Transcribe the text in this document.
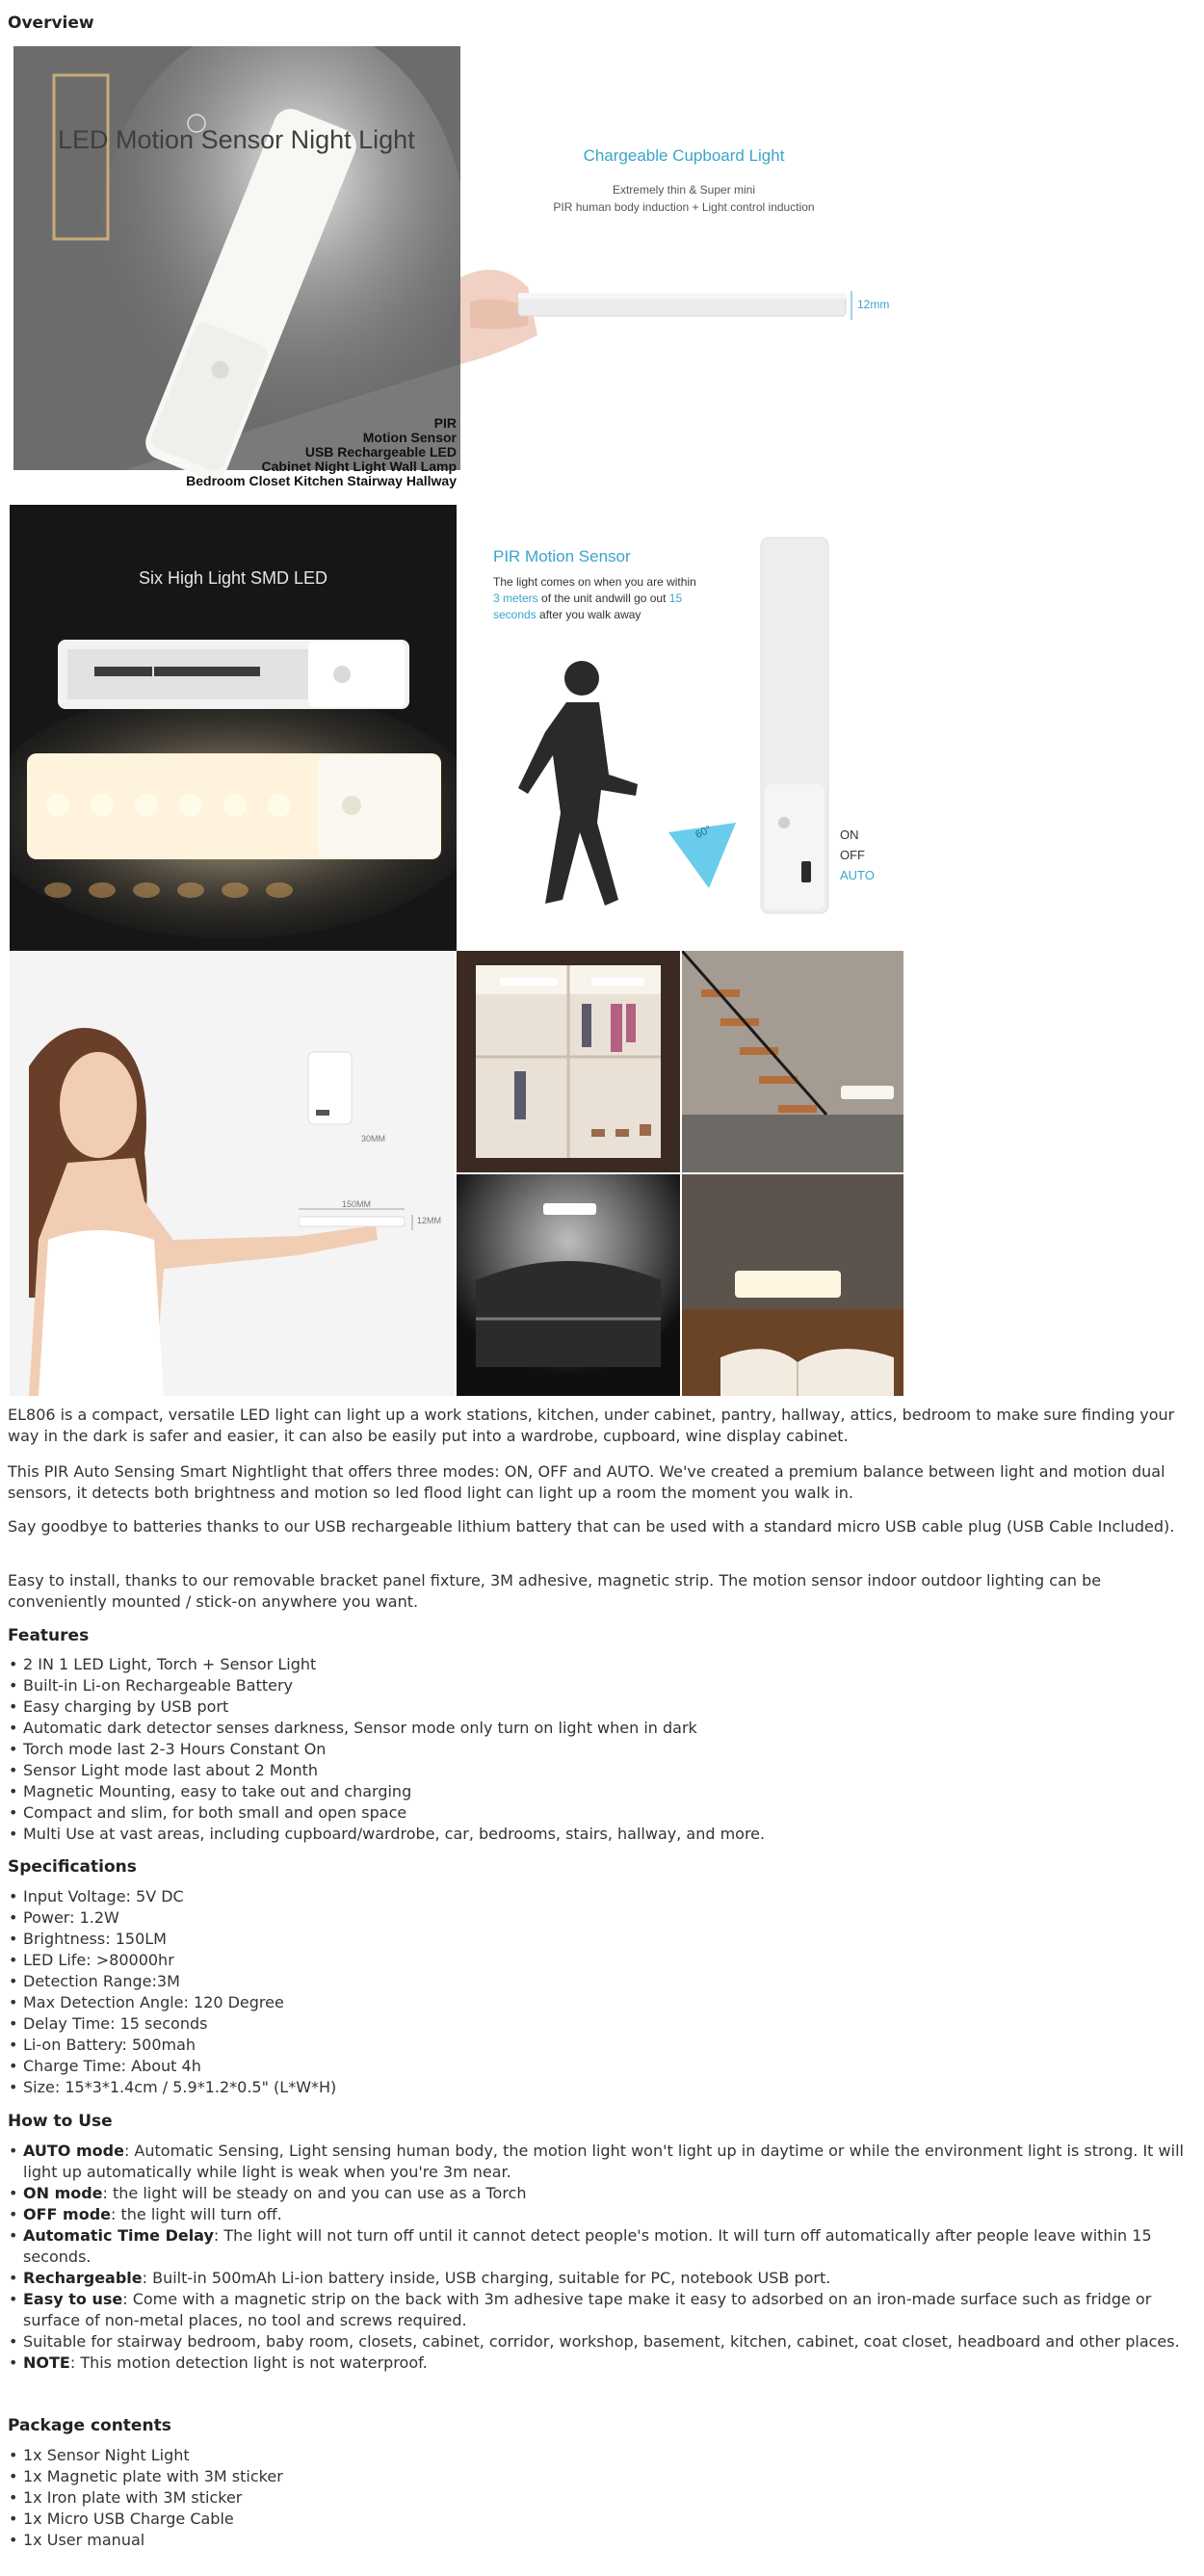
Overview
LED Motion Sensor Night Light
PIR
Motion Sensor
USB Rechargeable LED
Cabinet Night Light Wall Lamp
Bedroom Closet Kitchen Stairway Hallway
Chargeable Cupboard Light
Extremely thin & Super mini
PIR human body induction + Light control induction
12mm
Six High Light SMD LED
PIR Motion Sensor
The light comes on when you are within
3 meters of the unit andwill go out 15
seconds after you walk away
60°	ON
OFF
AUTO
30MM
150MM
12MM

EL806 is a compact, versatile LED light can light up a work stations, kitchen, under cabinet, pantry, hallway, attics, bedroom to make sure finding your way in the dark is safer and easier, it can also be easily put into a wardrobe, cupboard, wine display cabinet.

This PIR Auto Sensing Smart Nightlight that offers three modes: ON, OFF and AUTO. We've created a premium balance between light and motion dual sensors, it detects both brightness and motion so led flood light can light up a room the moment you walk in.

Say goodbye to batteries thanks to our USB rechargeable lithium battery that can be used with a standard micro USB cable plug (USB Cable Included).

Easy to install, thanks to our removable bracket panel fixture, 3M adhesive, magnetic strip. The motion sensor indoor outdoor lighting can be conveniently mounted / stick-on anywhere you want.

Features
• 2 IN 1 LED Light, Torch + Sensor Light
• Built-in Li-on Rechargeable Battery
• Easy charging by USB port
• Automatic dark detector senses darkness, Sensor mode only turn on light when in dark
• Torch mode last 2-3 Hours Constant On
• Sensor Light mode last about 2 Month
• Magnetic Mounting, easy to take out and charging
• Compact and slim, for both small and open space
• Multi Use at vast areas, including cupboard/wardrobe, car, bedrooms, stairs, hallway, and more.
Specifications
• Input Voltage: 5V DC
• Power: 1.2W
• Brightness: 150LM
• LED Life: >80000hr
• Detection Range:3M
• Max Detection Angle: 120 Degree
• Delay Time: 15 seconds
• Li-on Battery: 500mah
• Charge Time: About 4h
• Size: 15*3*1.4cm / 5.9*1.2*0.5" (L*W*H)
How to Use
• AUTO mode: Automatic Sensing, Light sensing human body, the motion light won't light up in daytime or while the environment light is strong. It will light up automatically while light is weak when you're 3m near.
• ON mode: the light will be steady on and you can use as a Torch
• OFF mode: the light will turn off.
• Automatic Time Delay: The light will not turn off until it cannot detect people's motion. It will turn off automatically after people leave within 15 seconds.
• Rechargeable: Built-in 500mAh Li-ion battery inside, USB charging, suitable for PC, notebook USB port.
• Easy to use: Come with a magnetic strip on the back with 3m adhesive tape make it easy to adsorbed on an iron-made surface such as fridge or surface of non-metal places, no tool and screws required.
• Suitable for stairway bedroom, baby room, closets, cabinet, corridor, workshop, basement, kitchen, cabinet, coat closet, headboard and other places.
• NOTE: This motion detection light is not waterproof.
Package contents
• 1x Sensor Night Light
• 1x Magnetic plate with 3M sticker
• 1x Iron plate with 3M sticker
• 1x Micro USB Charge Cable
• 1x User manual
